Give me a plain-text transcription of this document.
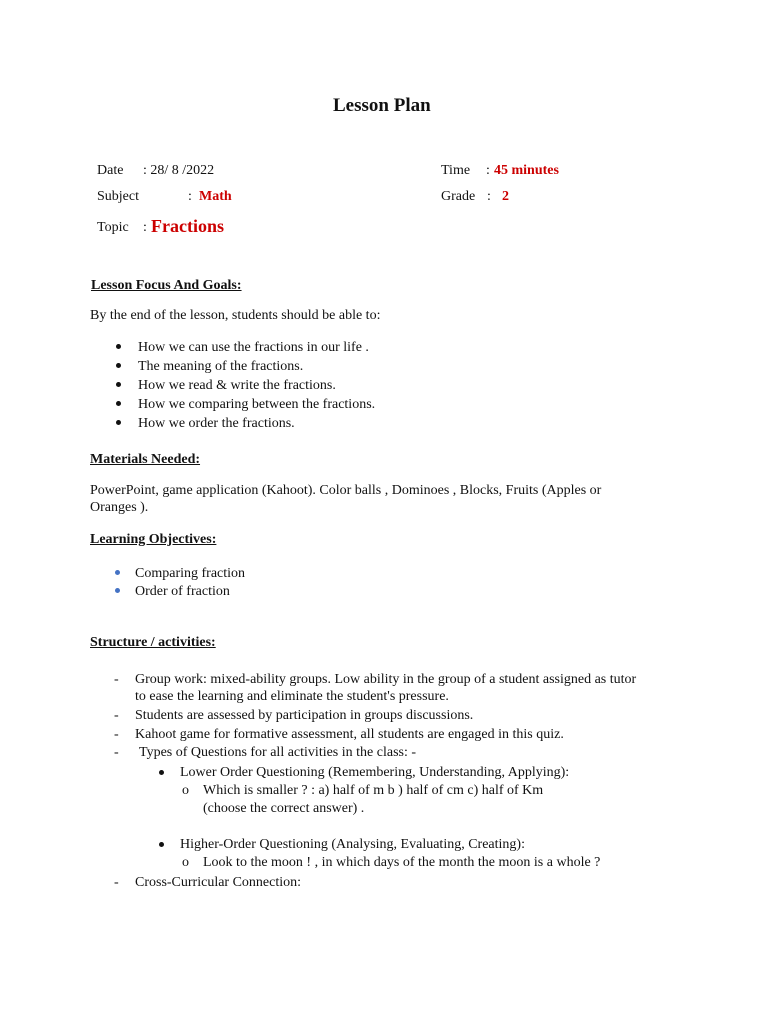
Lesson Plan
Date : 28/ 8 /2022	Time : 45 minutes
Subject	: Math	Grade : 2
Topic : Fractions
Lesson Focus And Goals:
By the end of the lesson, students should be able to:
How we can use the fractions in our life .
The meaning of the fractions.
How we read & write the fractions.
How we comparing between the fractions.
How we order the fractions.
Materials Needed:
PowerPoint, game application (Kahoot). Color balls , Dominoes , Blocks, Fruits (Apples or
Oranges ).
Learning Objectives:
Comparing fraction
Order of fraction
Structure / activities:
- Group work: mixed-ability groups. Low ability in the group of a student assigned as tutor
to ease the learning and eliminate the student's pressure.
- Students are assessed by participation in groups discussions.
- Kahoot game for formative assessment, all students are engaged in this quiz.
- Types of Questions for all activities in the class: -
Lower Order Questioning (Remembering, Understanding, Applying):
o Which is smaller ? : a) half of m b ) half of cm c) half of Km
(choose the correct answer) .
Higher-Order Questioning (Analysing, Evaluating, Creating):
o Look to the moon ! , in which days of the month the moon is a whole ?
- Cross-Curricular Connection:
